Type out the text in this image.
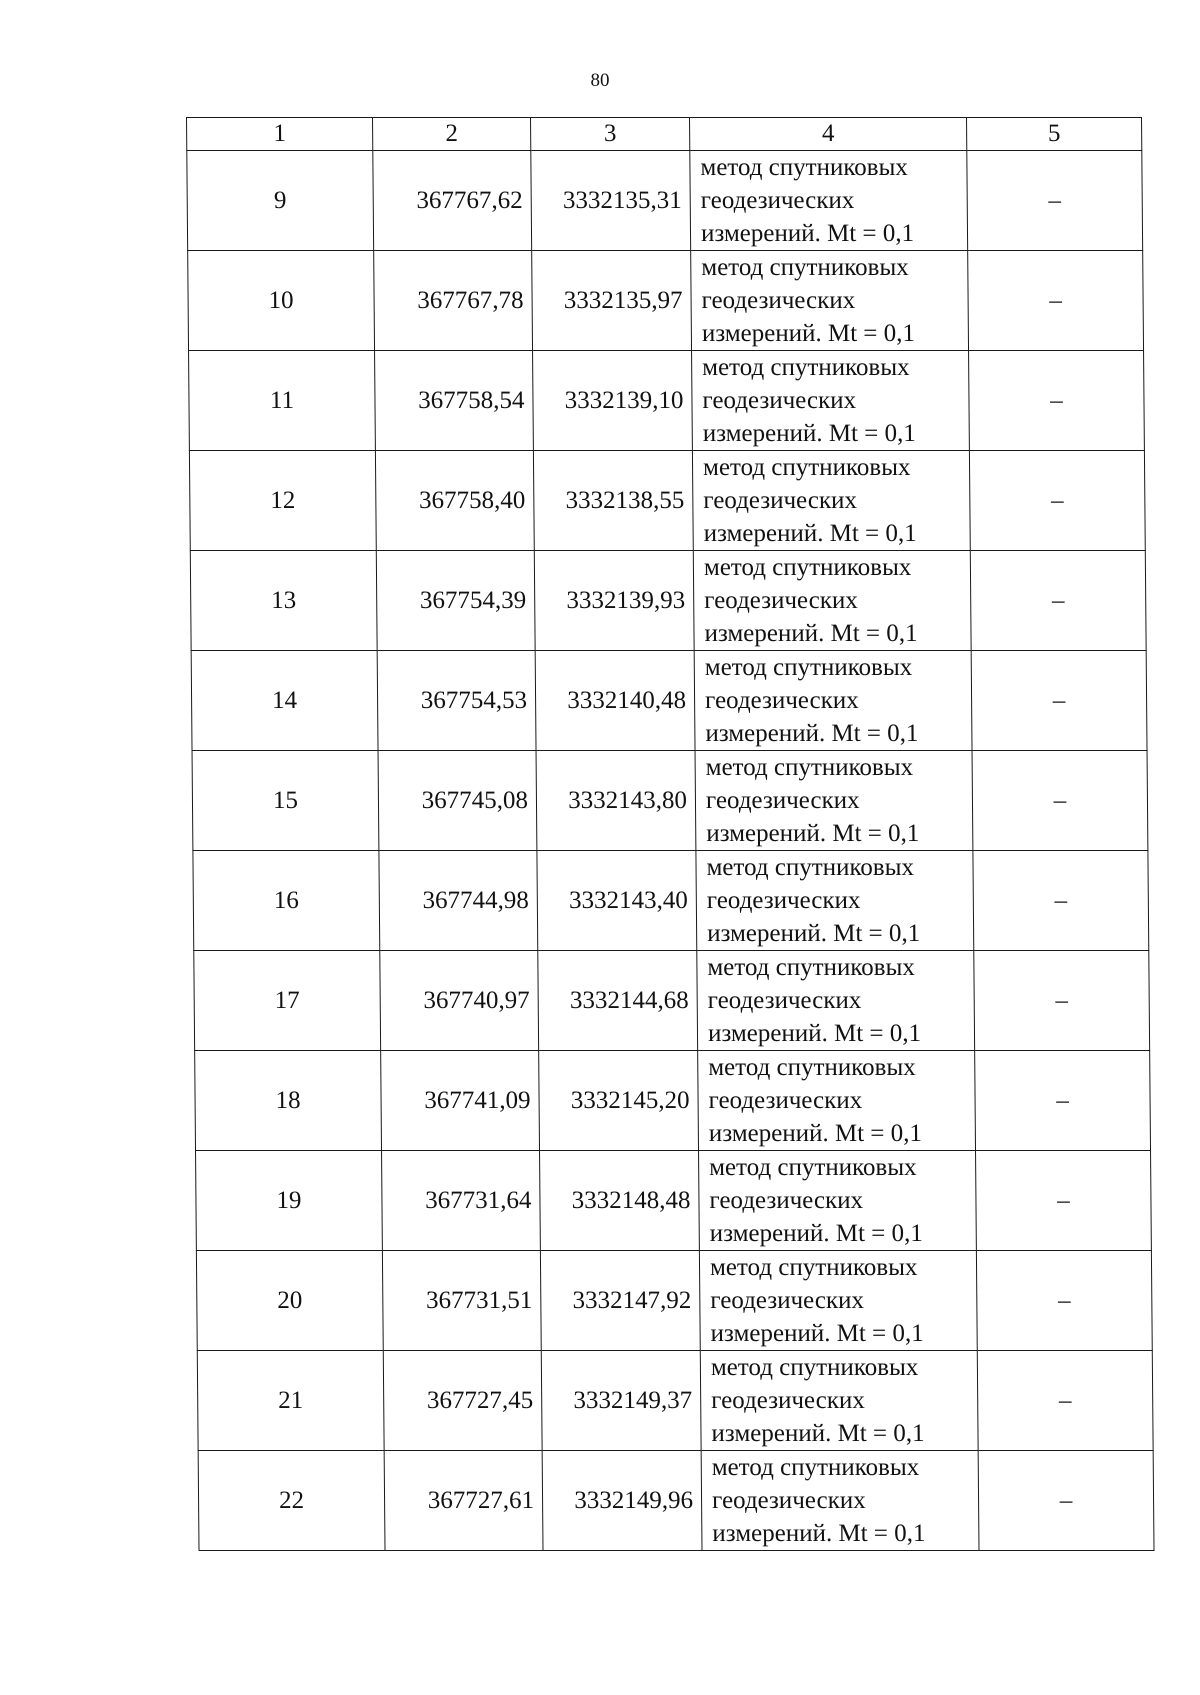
80
1	2	3	4	5
9	367767,62	3332135,31	метод спутниковых
геодезических
измерений. Mt = 0,1	–
10	367767,78	3332135,97	метод спутниковых
геодезических
измерений. Mt = 0,1	–
11	367758,54	3332139,10	метод спутниковых
геодезических
измерений. Mt = 0,1	–
12	367758,40	3332138,55	метод спутниковых
геодезических
измерений. Mt = 0,1	–
13	367754,39	3332139,93	метод спутниковых
геодезических
измерений. Mt = 0,1	–
14	367754,53	3332140,48	метод спутниковых
геодезических
измерений. Mt = 0,1	–
15	367745,08	3332143,80	метод спутниковых
геодезических
измерений. Mt = 0,1	–
16	367744,98	3332143,40	метод спутниковых
геодезических
измерений. Mt = 0,1	–
17	367740,97	3332144,68	метод спутниковых
геодезических
измерений. Mt = 0,1	–
18	367741,09	3332145,20	метод спутниковых
геодезических
измерений. Mt = 0,1	–
19	367731,64	3332148,48	метод спутниковых
геодезических
измерений. Mt = 0,1	–
20	367731,51	3332147,92	метод спутниковых
геодезических
измерений. Mt = 0,1	–
21	367727,45	3332149,37	метод спутниковых
геодезических
измерений. Mt = 0,1	–
22	367727,61	3332149,96	метод спутниковых
геодезических
измерений. Mt = 0,1	–
